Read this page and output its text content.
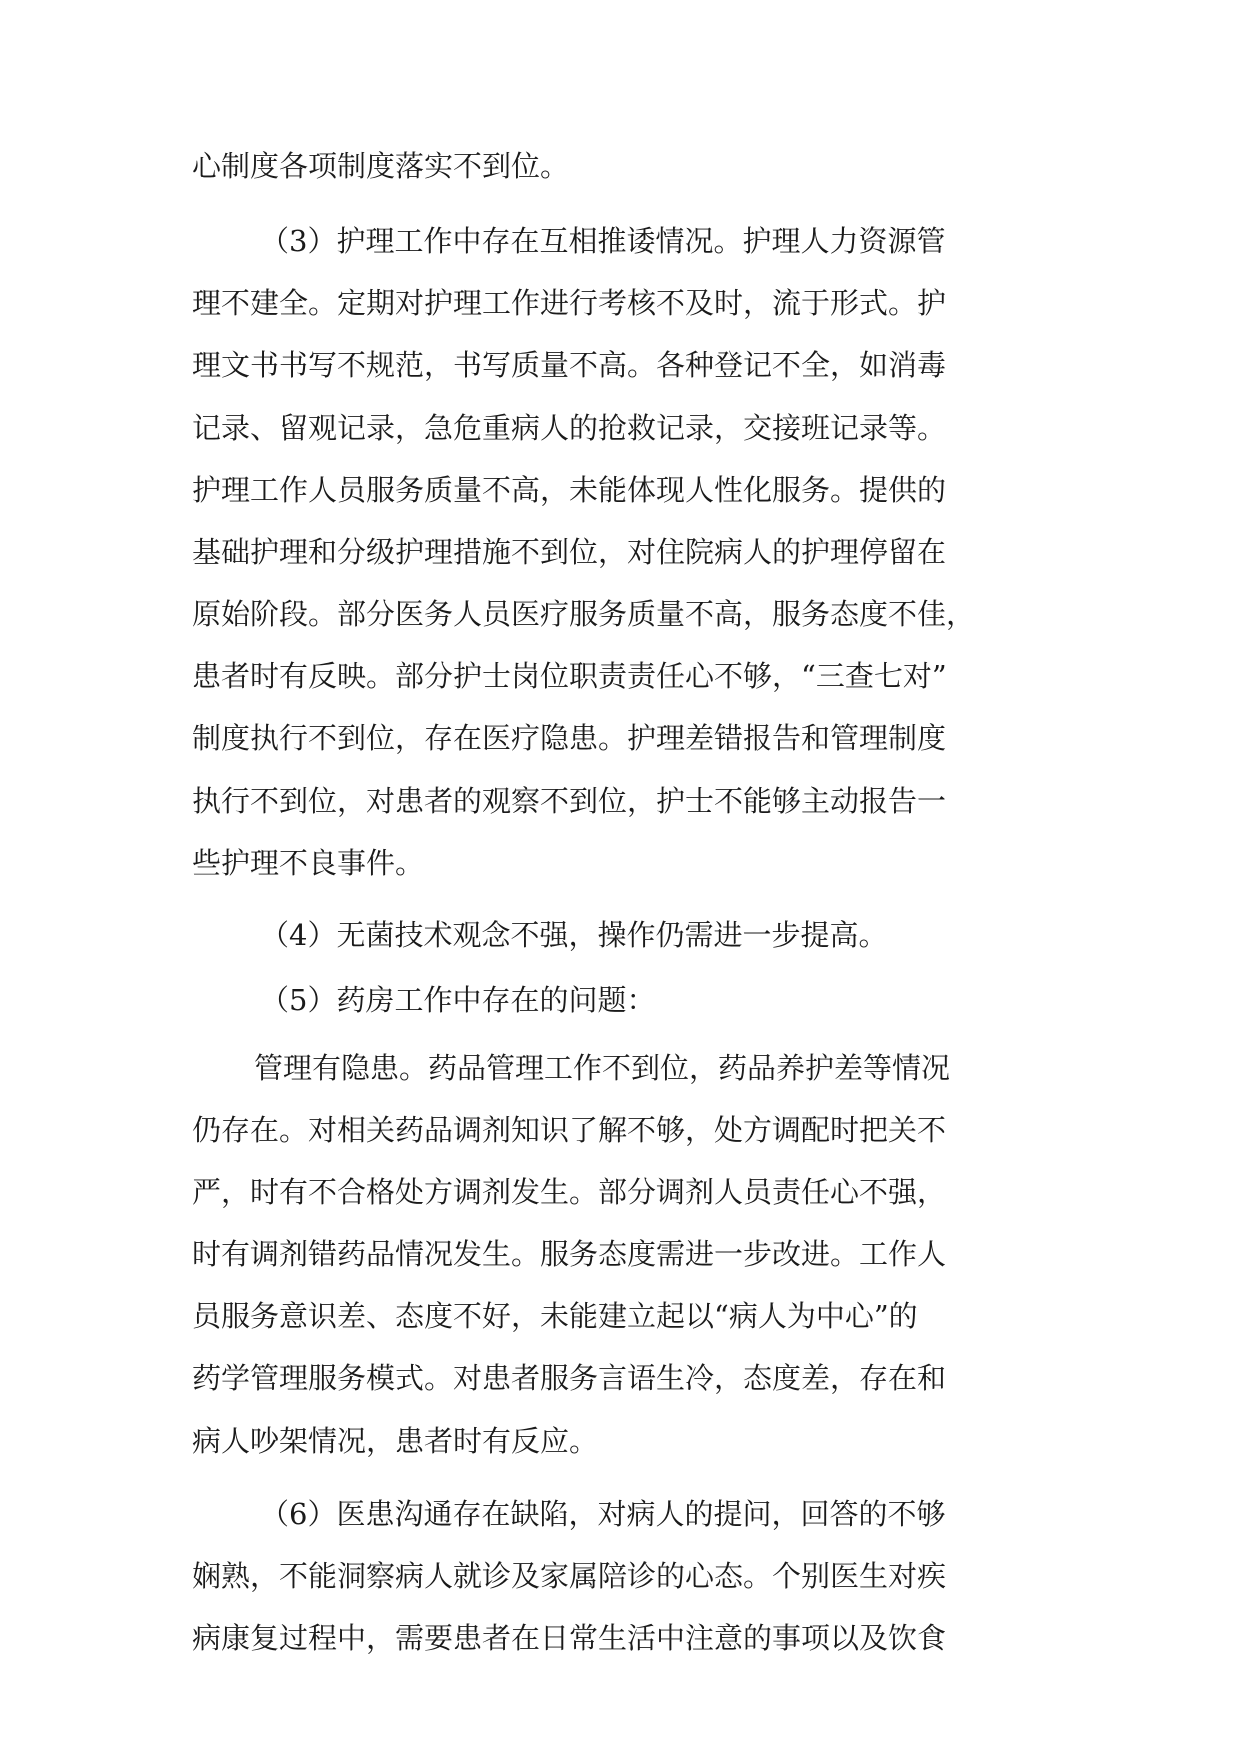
心制度各项制度落实不到位。
（3）护理工作中存在互相推诿情况。护理人力资源管
理不建全。定期对护理工作进行考核不及时，流于形式。护
理文书书写不规范，书写质量不高。各种登记不全，如消毒
记录、留观记录，急危重病人的抢救记录，交接班记录等。
护理工作人员服务质量不高，未能体现人性化服务。提供的
基础护理和分级护理措施不到位，对住院病人的护理停留在
原始阶段。部分医务人员医疗服务质量不高，服务态度不佳，
患者时有反映。部分护士岗位职责责任心不够，“三查七对”
制度执行不到位，存在医疗隐患。护理差错报告和管理制度
执行不到位，对患者的观察不到位，护士不能够主动报告一
些护理不良事件。
（4）无菌技术观念不强，操作仍需进一步提高。
（5）药房工作中存在的问题：
管理有隐患。药品管理工作不到位，药品养护差等情况
仍存在。对相关药品调剂知识了解不够，处方调配时把关不
严，时有不合格处方调剂发生。部分调剂人员责任心不强，
时有调剂错药品情况发生。服务态度需进一步改进。工作人
员服务意识差、态度不好，未能建立起以“病人为中心”的
药学管理服务模式。对患者服务言语生冷，态度差，存在和
病人吵架情况，患者时有反应。
（6）医患沟通存在缺陷，对病人的提问，回答的不够
娴熟，不能洞察病人就诊及家属陪诊的心态。个别医生对疾
病康复过程中，需要患者在日常生活中注意的事项以及饮食
